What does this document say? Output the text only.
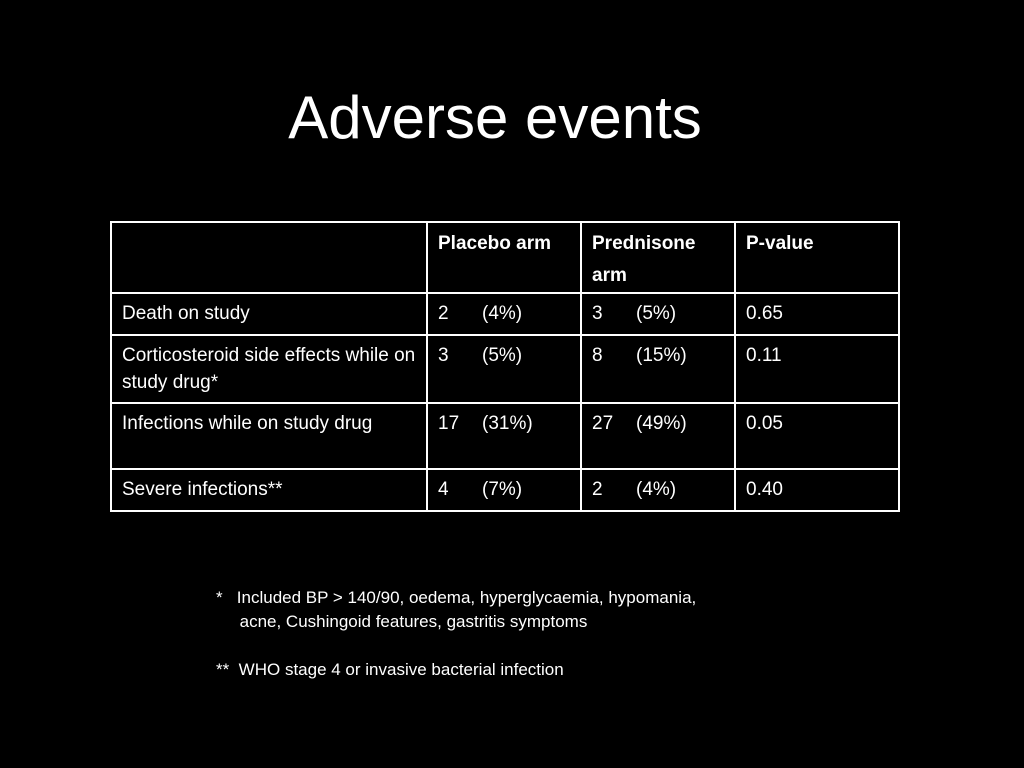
Adverse events
	Placebo arm	Prednisone arm	P-value
Death on study	2 (4%)	3 (5%)	0.65
Corticosteroid side effects while on study drug*	3 (5%)	8 (15%)	0.11
Infections while on study drug	17 (31%)	27 (49%)	0.05
Severe infections**	4 (7%)	2 (4%)	0.40
*   Included BP > 140/90, oedema, hyperglycaemia, hypomania,
acne, Cushingoid features, gastritis symptoms
**  WHO stage 4 or invasive bacterial infection
